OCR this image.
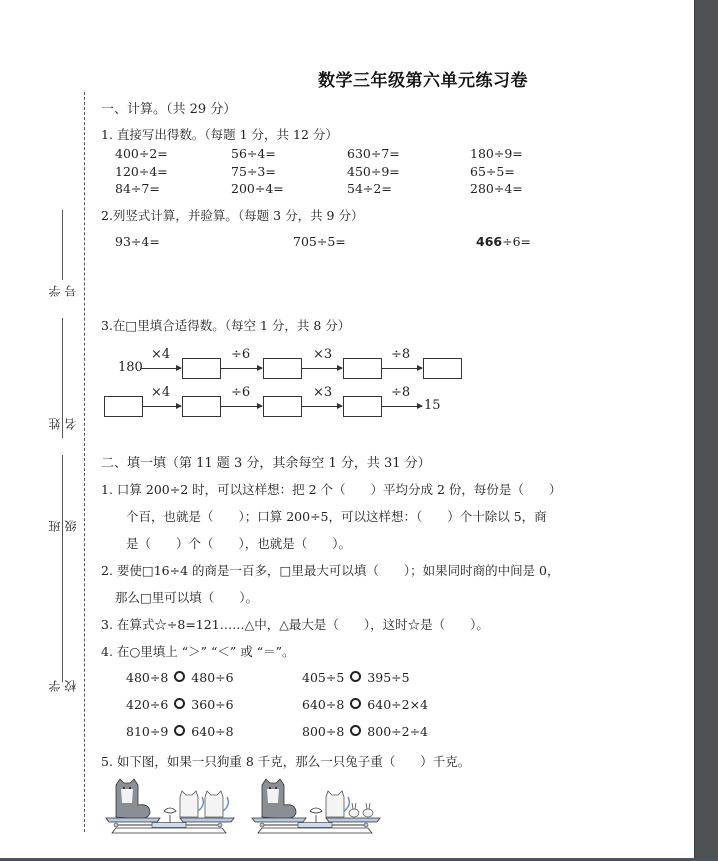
数学三年级第六单元练习卷
学号
姓名
班级
学校
一、计算。（共 29 分）
1. 直接写出得数。（每题 1 分，共 12 分）
400÷2=	56÷4=	630÷7=	180÷9=
120÷4=	75÷3=	450÷9=	65÷5=
84÷7=	200÷4=	54÷2=	280÷4=
2.列竖式计算，并验算。（每题 3 分，共 9 分）
93÷4=	705÷5=	466÷6=
3.在□里填合适得数。（每空 1 分，共 8 分）
180
×4	÷6	×3	÷8
×4	÷6	×3	÷8
15
二、填一填（第 11 题 3 分，其余每空 1 分，共 31 分）
1. 口算 200÷2 时，可以这样想：把 2 个（　　）平均分成 2 份，每份是（　　）
个百，也就是（　　）；口算 200÷5，可以这样想：（　　）个十除以 5，商
是（　　）个（　　），也就是（　　）。
2. 要使□16÷4 的商是一百多，□里最大可以填（　　）；如果同时商的中间是 0，
那么□里可以填（　　）。
3. 在算式☆÷8=121……△中，△最大是（　　），这时☆是（　　）。
4. 在○里填上 “＞” “＜” 或 “＝”。
480÷8 480÷6	405÷5 395÷5
420÷6 360÷6	640÷8 640÷2×4
810÷9 640÷8	800÷8 800÷2÷4
5. 如下图，如果一只狗重 8 千克，那么一只兔子重（　　）千克。
